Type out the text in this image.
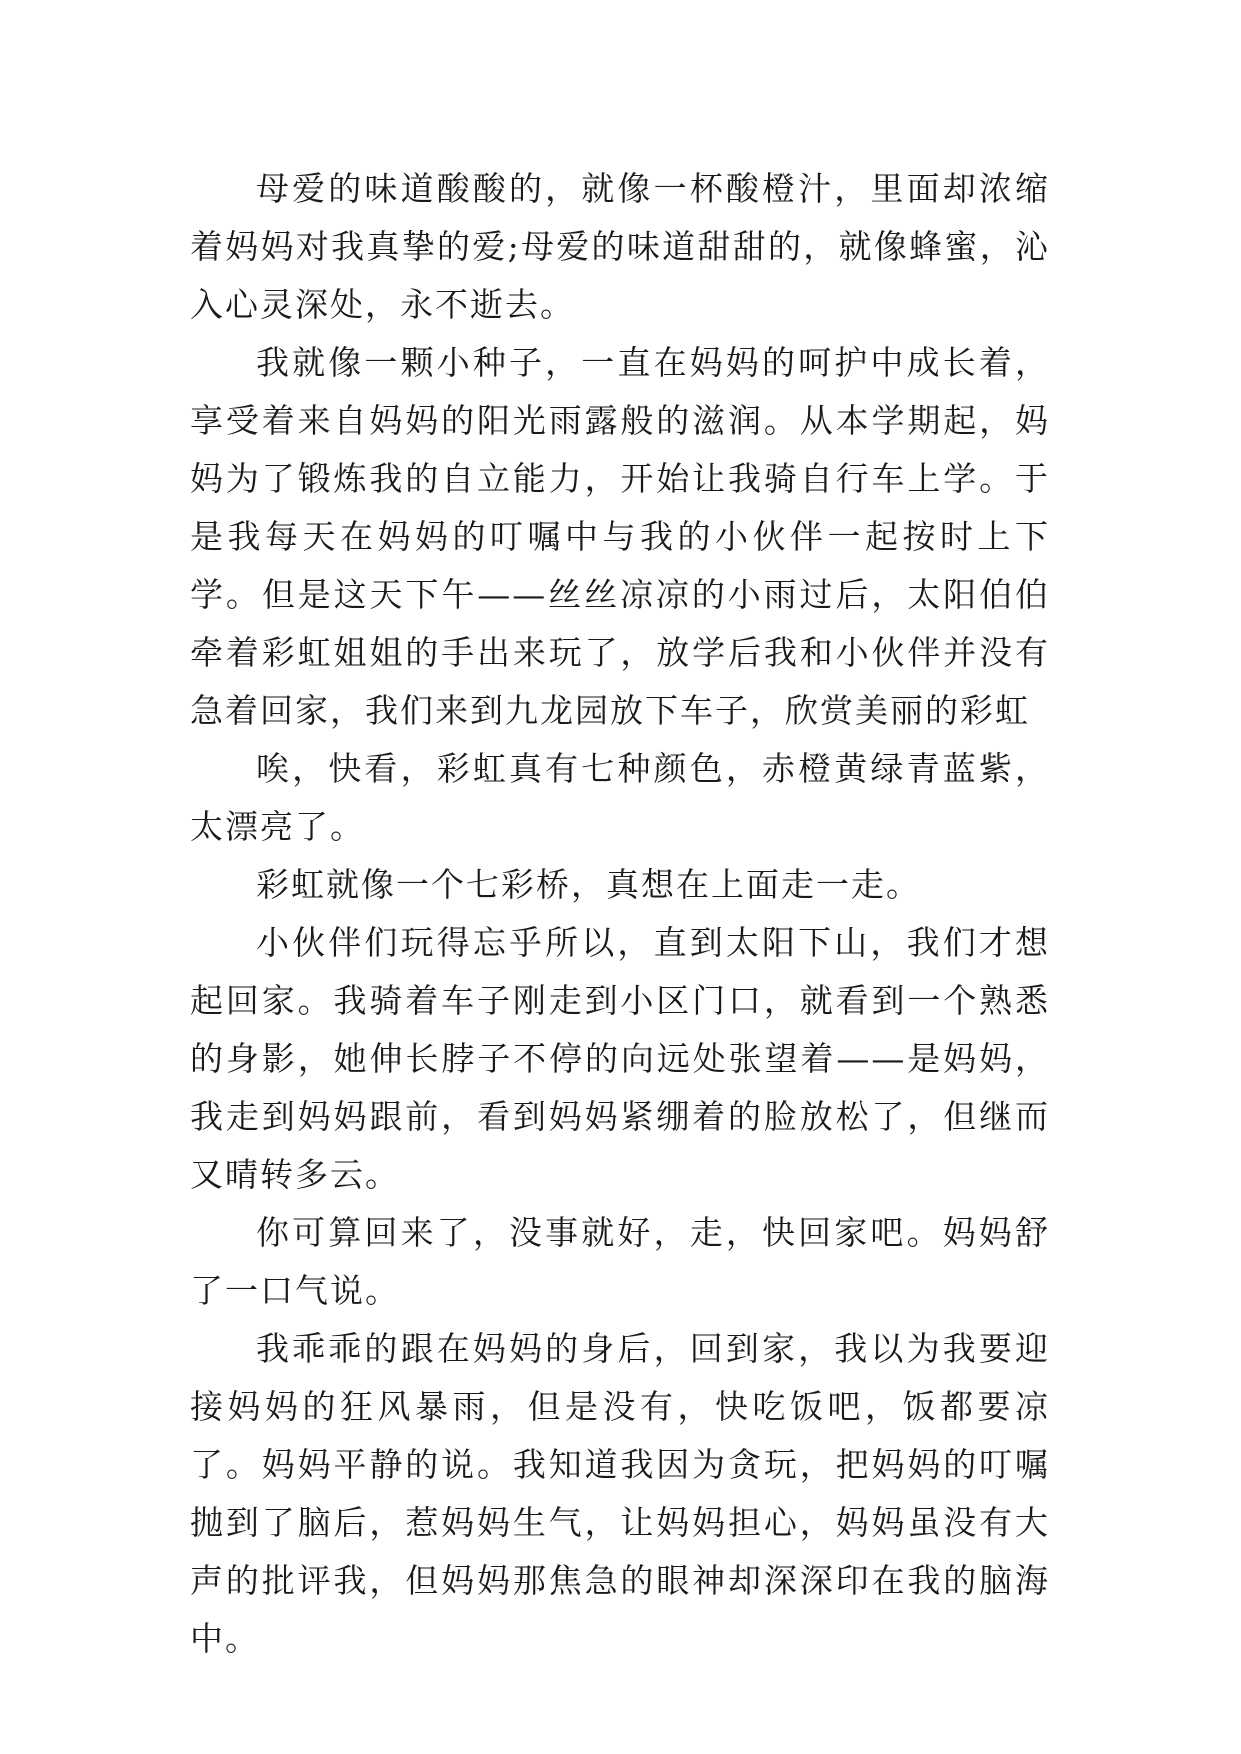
母爱的味道酸酸的，就像一杯酸橙汁，里面却浓缩着妈妈对我真挚的爱;母爱的味道甜甜的，就像蜂蜜，沁入心灵深处，永不逝去。

我就像一颗小种子，一直在妈妈的呵护中成长着，享受着来自妈妈的阳光雨露般的滋润。从本学期起，妈妈为了锻炼我的自立能力，开始让我骑自行车上学。于是我每天在妈妈的叮嘱中与我的小伙伴一起按时上下学。但是这天下午——丝丝凉凉的小雨过后，太阳伯伯牵着彩虹姐姐的手出来玩了，放学后我和小伙伴并没有急着回家，我们来到九龙园放下车子，欣赏美丽的彩虹

唉，快看，彩虹真有七种颜色，赤橙黄绿青蓝紫，太漂亮了。

彩虹就像一个七彩桥，真想在上面走一走。

小伙伴们玩得忘乎所以，直到太阳下山，我们才想起回家。我骑着车子刚走到小区门口，就看到一个熟悉的身影，她伸长脖子不停的向远处张望着——是妈妈，我走到妈妈跟前，看到妈妈紧绷着的脸放松了，但继而又晴转多云。

你可算回来了，没事就好，走，快回家吧。妈妈舒了一口气说。

我乖乖的跟在妈妈的身后，回到家，我以为我要迎接妈妈的狂风暴雨，但是没有，快吃饭吧，饭都要凉了。妈妈平静的说。我知道我因为贪玩，把妈妈的叮嘱抛到了脑后，惹妈妈生气，让妈妈担心，妈妈虽没有大声的批评我，但妈妈那焦急的眼神却深深印在我的脑海中。
